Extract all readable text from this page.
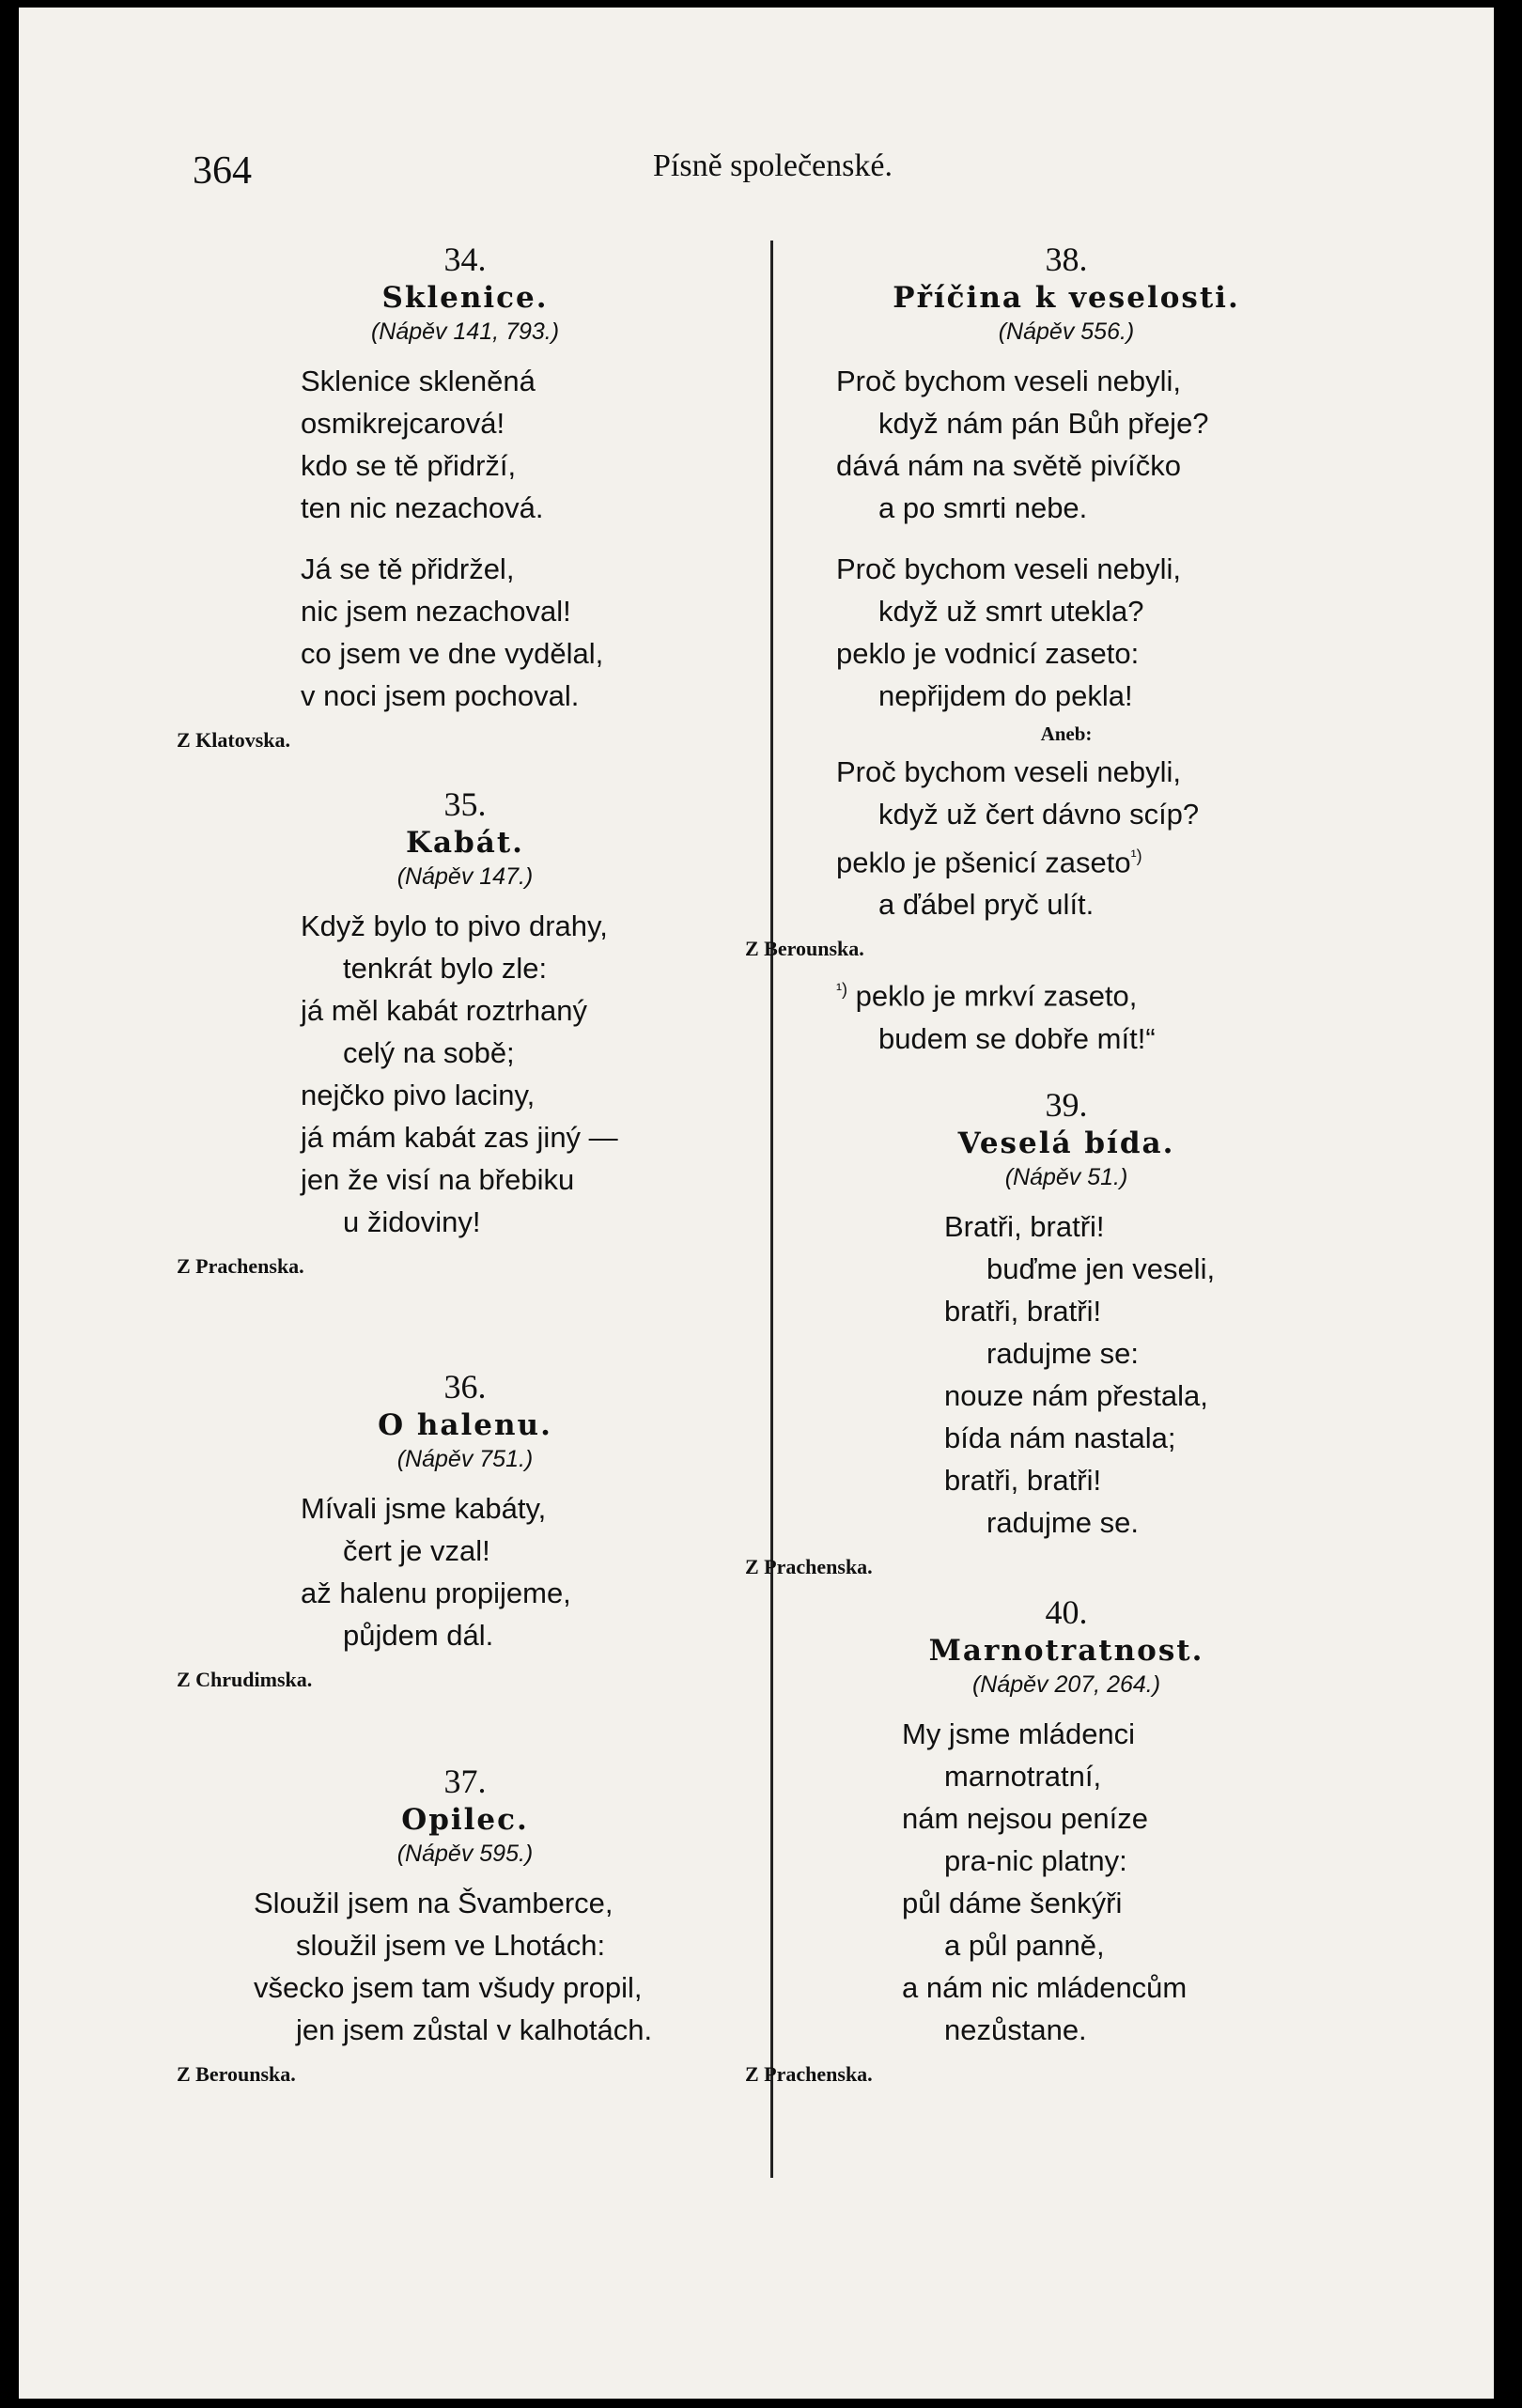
364	Písně společenské.
34.
Sklenice.
(Nápěv 141, 793.)
Sklenice skleněná
osmikrejcarová!
kdo se tě přidrží,
ten nic nezachová.
Já se tě přidržel,
nic jsem nezachoval!
co jsem ve dne vydělal,
v noci jsem pochoval.
Z Klatovska.
35.
Kabát.
(Nápěv 147.)
Když bylo to pivo drahy,
tenkrát bylo zle:
já měl kabát roztrhaný
celý na sobě;
nejčko pivo laciny,
já mám kabát zas jiný —
jen že visí na břebiku
u židoviny!
Z Prachenska.
36.
O halenu.
(Nápěv 751.)
Mívali jsme kabáty,
čert je vzal!
až halenu propijeme,
půjdem dál.
Z Chrudimska.
37.
Opilec.
(Nápěv 595.)
Sloužil jsem na Švamberce,
sloužil jsem ve Lhotách:
všecko jsem tam všudy propil,
jen jsem zůstal v kalhotách.
Z Berounska.
38.
Příčina k veselosti.
(Nápěv 556.)
Proč bychom veseli nebyli,
když nám pán Bůh přeje?
dává nám na světě pivíčko
a po smrti nebe.
Proč bychom veseli nebyli,
když už smrt utekla?
peklo je vodnicí zaseto:
nepřijdem do pekla!
Aneb:
Proč bychom veseli nebyli,
když už čert dávno scíp?
peklo je pšenicí zaseto$^{^1)}$
a ďábel pryč ulít.
Z Berounska.
$^{^1)}$ peklo je mrkví zaseto,
budem se dobře mít!“
39.
Veselá bída.
(Nápěv 51.)
Bratři, bratři!
buďme jen veseli,
bratři, bratři!
radujme se:
nouze nám přestala,
bída nám nastala;
bratři, bratři!
radujme se.
Z Prachenska.
40.
Marnotratnost.
(Nápěv 207, 264.)
My jsme mládenci
marnotratní,
nám nejsou peníze
pra-nic platny:
půl dáme šenkýři
a půl panně,
a nám nic mládencům
nezůstane.
Z Prachenska.
